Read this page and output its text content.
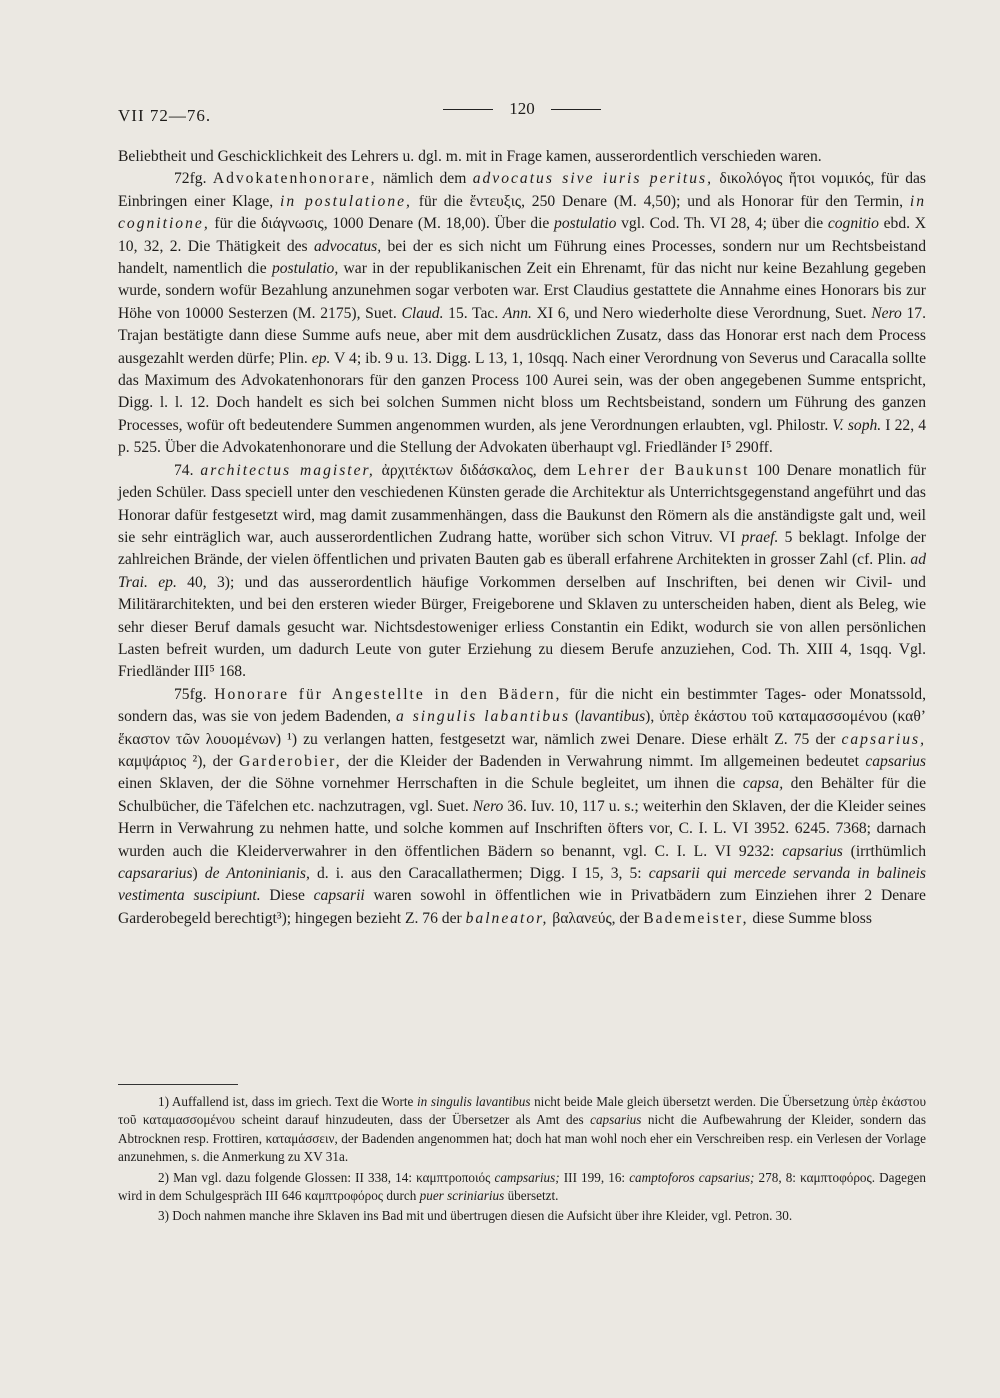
VII 72—76.	120

Beliebtheit und Geschicklichkeit des Lehrers u. dgl. m. mit in Frage kamen, ausserordentlich verschieden waren.

72fg. Advokatenhonorare, nämlich dem advocatus sive iuris peritus, δικολόγος ἤτοι νομικός, für das Einbringen einer Klage, in postulatione, für die ἔντευξις, 250 Denare (M. 4,50); und als Honorar für den Termin, in cognitione, für die διάγνωσις, 1000 Denare (M. 18,00). Über die postulatio vgl. Cod. Th. VI 28, 4; über die cognitio ebd. X 10, 32, 2. Die Thätigkeit des advocatus, bei der es sich nicht um Führung eines Processes, sondern nur um Rechtsbeistand handelt, namentlich die postulatio, war in der republikanischen Zeit ein Ehrenamt, für das nicht nur keine Bezahlung gegeben wurde, sondern wofür Bezahlung anzunehmen sogar verboten war. Erst Claudius gestattete die Annahme eines Honorars bis zur Höhe von 10000 Sesterzen (M. 2175), Suet. Claud. 15. Tac. Ann. XI 6, und Nero wiederholte diese Verordnung, Suet. Nero 17. Trajan bestätigte dann diese Summe aufs neue, aber mit dem ausdrücklichen Zusatz, dass das Honorar erst nach dem Process ausgezahlt werden dürfe; Plin. ep. V 4; ib. 9 u. 13. Digg. L 13, 1, 10sqq. Nach einer Verordnung von Severus und Caracalla sollte das Maximum des Advokatenhonorars für den ganzen Process 100 Aurei sein, was der oben angegebenen Summe entspricht, Digg. l. l. 12. Doch handelt es sich bei solchen Summen nicht bloss um Rechtsbeistand, sondern um Führung des ganzen Processes, wofür oft bedeutendere Summen angenommen wurden, als jene Verordnungen erlaubten, vgl. Philostr. V. soph. I 22, 4 p. 525. Über die Advokatenhonorare und die Stellung der Advokaten überhaupt vgl. Friedländer I⁵ 290ff.

74. architectus magister, ἀρχιτέκτων διδάσκαλος, dem Lehrer der Baukunst 100 Denare monatlich für jeden Schüler. Dass speciell unter den veschiedenen Künsten gerade die Architektur als Unterrichtsgegenstand angeführt und das Honorar dafür festgesetzt wird, mag damit zusammenhängen, dass die Baukunst den Römern als die anständigste galt und, weil sie sehr einträglich war, auch ausserordentlichen Zudrang hatte, worüber sich schon Vitruv. VI praef. 5 beklagt. Infolge der zahlreichen Brände, der vielen öffentlichen und privaten Bauten gab es überall erfahrene Architekten in grosser Zahl (cf. Plin. ad Trai. ep. 40, 3); und das ausserordentlich häufige Vorkommen derselben auf Inschriften, bei denen wir Civil- und Militärarchitekten, und bei den ersteren wieder Bürger, Freigeborene und Sklaven zu unterscheiden haben, dient als Beleg, wie sehr dieser Beruf damals gesucht war. Nichtsdestoweniger erliess Constantin ein Edikt, wodurch sie von allen persönlichen Lasten befreit wurden, um dadurch Leute von guter Erziehung zu diesem Berufe anzuziehen, Cod. Th. XIII 4, 1sqq. Vgl. Friedländer III⁵ 168.

75fg. Honorare für Angestellte in den Bädern, für die nicht ein bestimmter Tages- oder Monatssold, sondern das, was sie von jedem Badenden, a singulis labantibus (lavantibus), ὑπὲρ ἑκάστου τοῦ καταμασσομένου (καθ’ ἕκαστον τῶν λουομένων) ¹) zu verlangen hatten, festgesetzt war, nämlich zwei Denare. Diese erhält Z. 75 der capsarius, καμψάριος ²), der Garderobier, der die Kleider der Badenden in Verwahrung nimmt. Im allgemeinen bedeutet capsarius einen Sklaven, der die Söhne vornehmer Herrschaften in die Schule begleitet, um ihnen die capsa, den Behälter für die Schulbücher, die Täfelchen etc. nachzutragen, vgl. Suet. Nero 36. Iuv. 10, 117 u. s.; weiterhin den Sklaven, der die Kleider seines Herrn in Verwahrung zu nehmen hatte, und solche kommen auf Inschriften öfters vor, C. I. L. VI 3952. 6245. 7368; darnach wurden auch die Kleiderverwahrer in den öffentlichen Bädern so benannt, vgl. C. I. L. VI 9232: capsarius (irrthümlich capsararius) de Antoninianis, d. i. aus den Caracallathermen; Digg. I 15, 3, 5: capsarii qui mercede servanda in balineis vestimenta suscipiunt. Diese capsarii waren sowohl in öffentlichen wie in Privatbädern zum Einziehen ihrer 2 Denare Garderobegeld berechtigt³); hingegen bezieht Z. 76 der balneator, βαλανεύς, der Bademeister, diese Summe bloss

1) Auffallend ist, dass im griech. Text die Worte in singulis lavantibus nicht beide Male gleich übersetzt werden. Die Übersetzung ὑπὲρ ἑκάστου τοῦ καταμασσομένου scheint darauf hinzudeuten, dass der Übersetzer als Amt des capsarius nicht die Aufbewahrung der Kleider, sondern das Abtrocknen resp. Frottiren, καταμάσσειν, der Badenden angenommen hat; doch hat man wohl noch eher ein Verschreiben resp. ein Verlesen der Vorlage anzunehmen, s. die Anmerkung zu XV 31a.

2) Man vgl. dazu folgende Glossen: II 338, 14: καμπτροποιός campsarius; III 199, 16: camptoforos capsarius; 278, 8: καμπτοφόρος. Dagegen wird in dem Schulgespräch III 646 καμπτροφόρος durch puer scriniarius übersetzt.

3) Doch nahmen manche ihre Sklaven ins Bad mit und übertrugen diesen die Aufsicht über ihre Kleider, vgl. Petron. 30.
